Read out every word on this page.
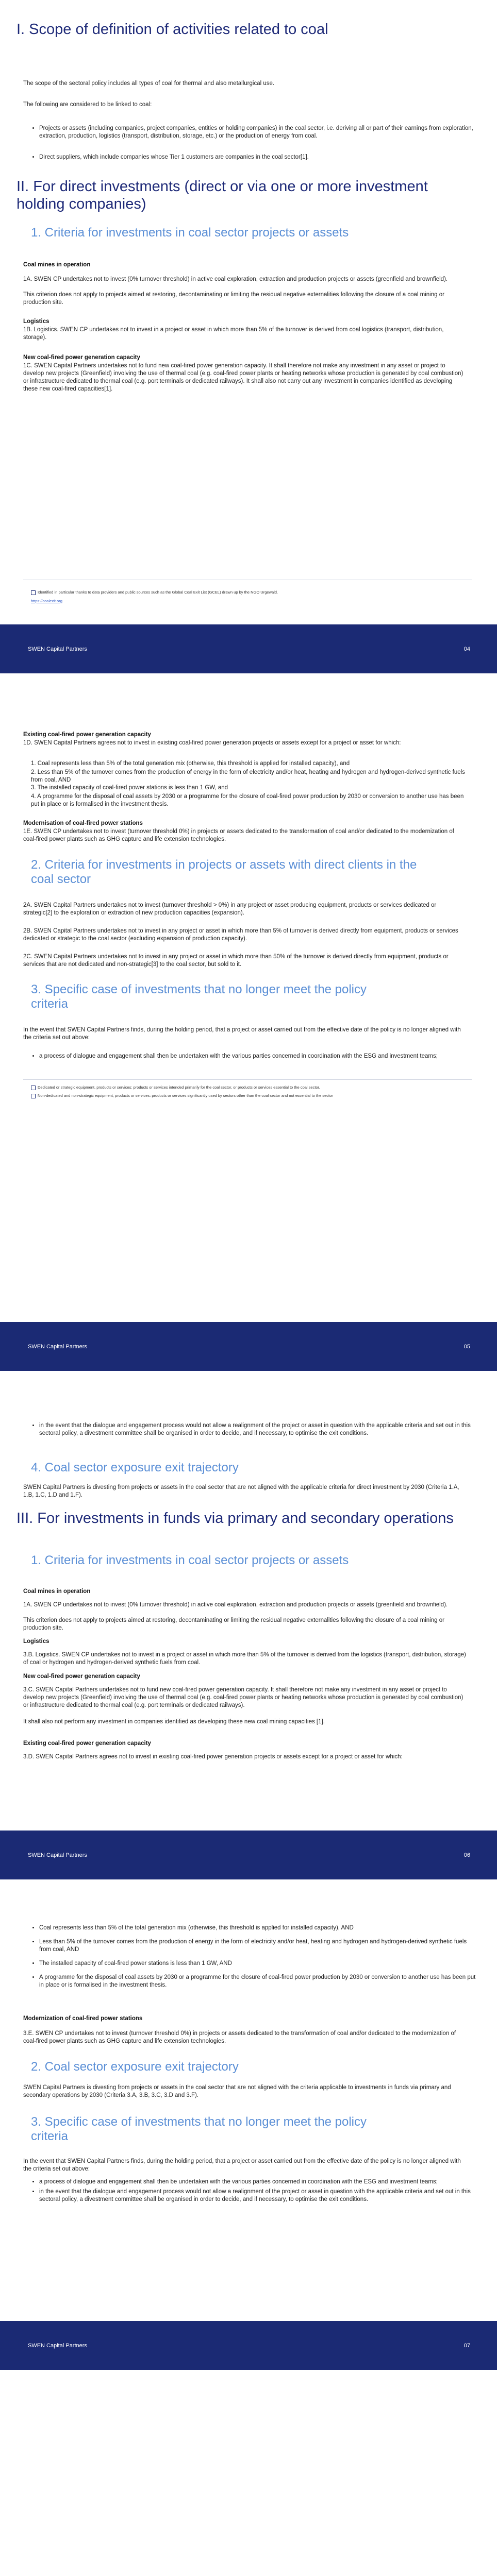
I. Scope of definition of activities related to coal
The scope of the sectoral policy includes all types of coal for thermal and also metallurgical use.
The following are considered to be linked to coal:
• Projects or assets (including companies, project companies, entities or holding companies) in the coal sector, i.e. deriving all or part of their earnings from exploration, extraction, production, logistics (transport, distribution, storage, etc.) or the production of energy from coal.
• Direct suppliers, which include companies whose Tier 1 customers are companies in the coal sector[1].
II. For direct investments (direct or via one or more investment holding companies)
1. Criteria for investments in coal sector projects or assets
Coal mines in operation
1A. SWEN CP undertakes not to invest (0% turnover threshold) in active coal exploration, extraction and production projects or assets (greenfield and brownfield).
This criterion does not apply to projects aimed at restoring, decontaminating or limiting the residual negative externalities following the closure of a coal mining or production site.
Logistics
1B. Logistics. SWEN CP undertakes not to invest in a project or asset in which more than 5% of the turnover is derived from coal logistics (transport, distribution, storage).
New coal-fired power generation capacity
1C. SWEN Capital Partners undertakes not to fund new coal-fired power generation capacity. It shall therefore not make any investment in any asset or project to develop new projects (Greenfield) involving the use of thermal coal (e.g. coal-fired power plants or heating networks whose production is generated by coal combustion) or infrastructure dedicated to thermal coal (e.g. port terminals or dedicated railways). It shall also not carry out any investment in companies identified as developing these new coal-fired capacities[1].
Identified in particular thanks to data providers and public sources such as the Global Coal Exit List (GCEL) drawn up by the NGO Urgewald.
https://coalexit.org
SWEN Capital Partners	04
Existing coal-fired power generation capacity
1D. SWEN Capital Partners agrees not to invest in existing coal-fired power generation projects or assets except for a project or asset for which:
1. Coal represents less than 5% of the total generation mix (otherwise, this threshold is applied for installed capacity), and
2. Less than 5% of the turnover comes from the production of energy in the form of electricity and/or heat, heating and hydrogen and hydrogen-derived synthetic fuels from coal, AND
3. The installed capacity of coal-fired power stations is less than 1 GW, and
4. A programme for the disposal of coal assets by 2030 or a programme for the closure of coal-fired power production by 2030 or conversion to another use has been put in place or is formalised in the investment thesis.
Modernisation of coal-fired power stations
1E. SWEN CP undertakes not to invest (turnover threshold 0%) in projects or assets dedicated to the transformation of coal and/or dedicated to the modernization of coal-fired power plants such as GHG capture and life extension technologies.
2. Criteria for investments in projects or assets with direct clients in the coal sector
2A. SWEN Capital Partners undertakes not to invest (turnover threshold > 0%) in any project or asset producing equipment, products or services dedicated or strategic[2] to the exploration or extraction of new production capacities (expansion).
2B. SWEN Capital Partners undertakes not to invest in any project or asset in which more than 5% of turnover is derived directly from equipment, products or services dedicated or strategic to the coal sector (excluding expansion of production capacity).
2C. SWEN Capital Partners undertakes not to invest in any project or asset in which more than 50% of the turnover is derived directly from equipment, products or services that are not dedicated and non-strategic[3] to the coal sector, but sold to it.
3. Specific case of investments that no longer meet the policy criteria
In the event that SWEN Capital Partners finds, during the holding period, that a project or asset carried out from the effective date of the policy is no longer aligned with the criteria set out above:
• a process of dialogue and engagement shall then be undertaken with the various parties concerned in coordination with the ESG and investment teams;
Dedicated or strategic equipment, products or services: products or services intended primarily for the coal sector, or products or services essential to the coal sector.
Non-dedicated and non-strategic equipment, products or services: products or services significantly used by sectors other than the coal sector and not essential to the sector
SWEN Capital Partners	05
• in the event that the dialogue and engagement process would not allow a realignment of the project or asset in question with the applicable criteria and set out in this sectoral policy, a divestment committee shall be organised in order to decide, and if necessary, to optimise the exit conditions.
4. Coal sector exposure exit trajectory
SWEN Capital Partners is divesting from projects or assets in the coal sector that are not aligned with the applicable criteria for direct investment by 2030 (Criteria 1.A, 1.B, 1.C, 1.D and 1.F).
III. For investments in funds via primary and secondary operations
1. Criteria for investments in coal sector projects or assets
Coal mines in operation
1A. SWEN CP undertakes not to invest (0% turnover threshold) in active coal exploration, extraction and production projects or assets (greenfield and brownfield).
This criterion does not apply to projects aimed at restoring, decontaminating or limiting the residual negative externalities following the closure of a coal mining or production site.
Logistics
3.B. Logistics. SWEN CP undertakes not to invest in a project or asset in which more than 5% of the turnover is derived from the logistics (transport, distribution, storage) of coal or hydrogen and hydrogen-derived synthetic fuels from coal.
New coal-fired power generation capacity
3.C. SWEN Capital Partners undertakes not to fund new coal-fired power generation capacity. It shall therefore not make any investment in any asset or project to develop new projects (Greenfield) involving the use of thermal coal (e.g. coal-fired power plants or heating networks whose production is generated by coal combustion) or infrastructure dedicated to thermal coal (e.g. port terminals or dedicated railways).
It shall also not perform any investment in companies identified as developing these new coal mining capacities [1].
Existing coal-fired power generation capacity
3.D. SWEN Capital Partners agrees not to invest in existing coal-fired power generation projects or assets except for a project or asset for which:
SWEN Capital Partners	06
• Coal represents less than 5% of the total generation mix (otherwise, this threshold is applied for installed capacity), AND
• Less than 5% of the turnover comes from the production of energy in the form of electricity and/or heat, heating and hydrogen and hydrogen-derived synthetic fuels from coal, AND
• The installed capacity of coal-fired power stations is less than 1 GW, AND
• A programme for the disposal of coal assets by 2030 or a programme for the closure of coal-fired power production by 2030 or conversion to another use has been put in place or is formalised in the investment thesis.
Modernization of coal-fired power stations
3.E. SWEN CP undertakes not to invest (turnover threshold 0%) in projects or assets dedicated to the transformation of coal and/or dedicated to the modernization of coal-fired power plants such as GHG capture and life extension technologies.
2. Coal sector exposure exit trajectory
SWEN Capital Partners is divesting from projects or assets in the coal sector that are not aligned with the criteria applicable to investments in funds via primary and secondary operations by 2030 (Criteria 3.A, 3.B, 3.C, 3.D and 3.F).
3. Specific case of investments that no longer meet the policy criteria
In the event that SWEN Capital Partners finds, during the holding period, that a project or asset carried out from the effective date of the policy is no longer aligned with the criteria set out above:
• a process of dialogue and engagement shall then be undertaken with the various parties concerned in coordination with the ESG and investment teams;
• in the event that the dialogue and engagement process would not allow a realignment of the project or asset in question with the applicable criteria and set out in this sectoral policy, a divestment committee shall be organised in order to decide, and if necessary, to optimise the exit conditions.
SWEN Capital Partners	07
